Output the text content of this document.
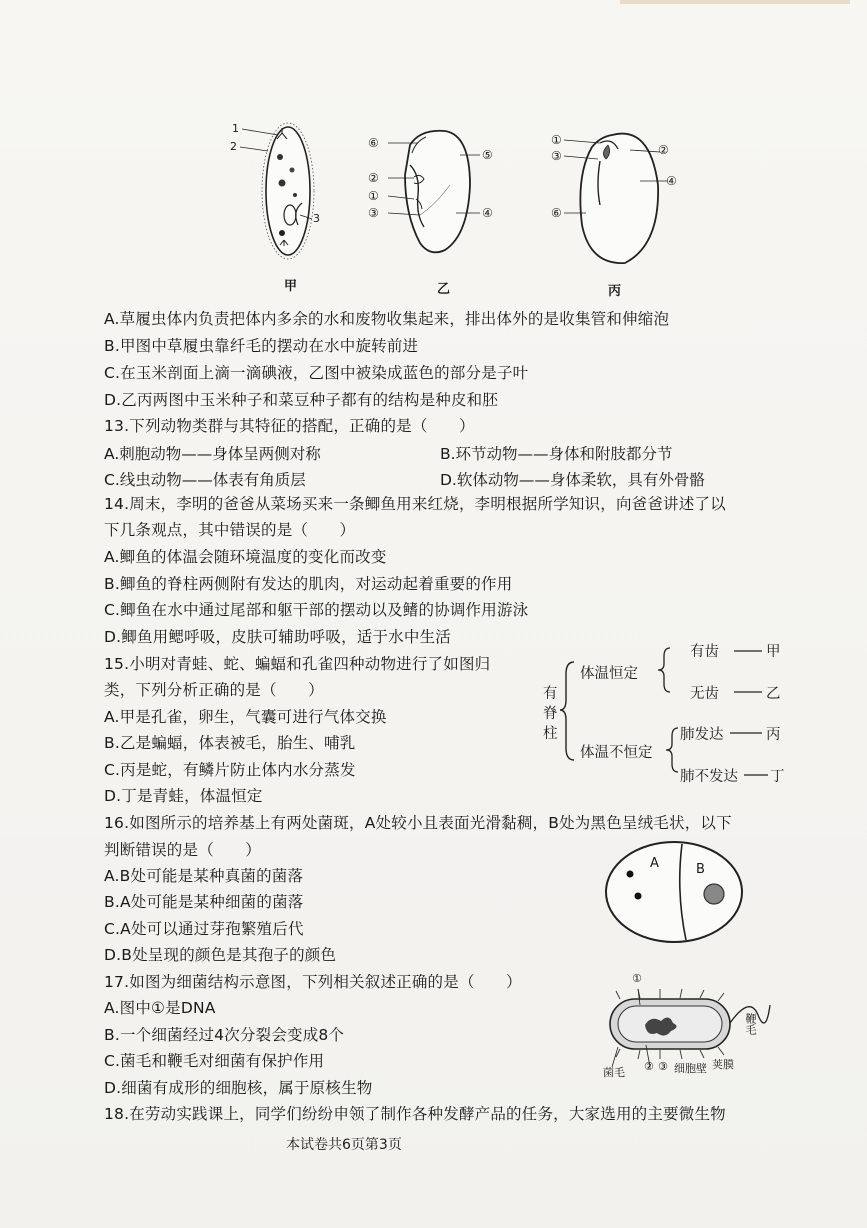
1
2
3
⑥
②
①
③
⑤
④
①
③
⑥
②
④
甲	乙	丙
A.草履虫体内负责把体内多余的水和废物收集起来，排出体外的是收集管和伸缩泡
B.甲图中草履虫靠纤毛的摆动在水中旋转前进
C.在玉米剖面上滴一滴碘液，乙图中被染成蓝色的部分是子叶
D.乙丙两图中玉米种子和菜豆种子都有的结构是种皮和胚
13.下列动物类群与其特征的搭配，正确的是（　　）
A.刺胞动物——身体呈两侧对称	B.环节动物——身体和附肢都分节
C.线虫动物——体表有角质层	D.软体动物——身体柔软，具有外骨骼
14.周末，李明的爸爸从菜场买来一条鲫鱼用来红烧，李明根据所学知识，向爸爸讲述了以
下几条观点，其中错误的是（　　）
A.鲫鱼的体温会随环境温度的变化而改变
B.鲫鱼的脊柱两侧附有发达的肌肉，对运动起着重要的作用
C.鲫鱼在水中通过尾部和躯干部的摆动以及鳍的协调作用游泳
D.鲫鱼用鳃呼吸，皮肤可辅助呼吸，适于水中生活
15.小明对青蛙、蛇、蝙蝠和孔雀四种动物进行了如图归
类，下列分析正确的是（　　）
A.甲是孔雀，卵生，气囊可进行气体交换
B.乙是蝙蝠，体表被毛，胎生、哺乳
C.丙是蛇，有鳞片防止体内水分蒸发
D.丁是青蛙，体温恒定
有
脊
柱
体温恒定
体温不恒定
有齿
无齿
肺发达
肺不发达
甲
乙
丙
丁
16.如图所示的培养基上有两处菌斑，A处较小且表面光滑黏稠，B处为黑色呈绒毛状，以下
判断错误的是（　　）
A.B处可能是某种真菌的菌落
B.A处可能是某种细菌的菌落
C.A处可以通过芽孢繁殖后代
D.B处呈现的颜色是其孢子的颜色
A	B
17.如图为细菌结构示意图，下列相关叙述正确的是（　　）
A.图中①是DNA
B.一个细菌经过4次分裂会变成8个
C.菌毛和鞭毛对细菌有保护作用
D.细菌有成形的细胞核，属于原核生物
①
② ③
鞭毛
菌毛	细胞壁 荚膜
18.在劳动实践课上，同学们纷纷申领了制作各种发酵产品的任务，大家选用的主要微生物
本试卷共6页第3页
